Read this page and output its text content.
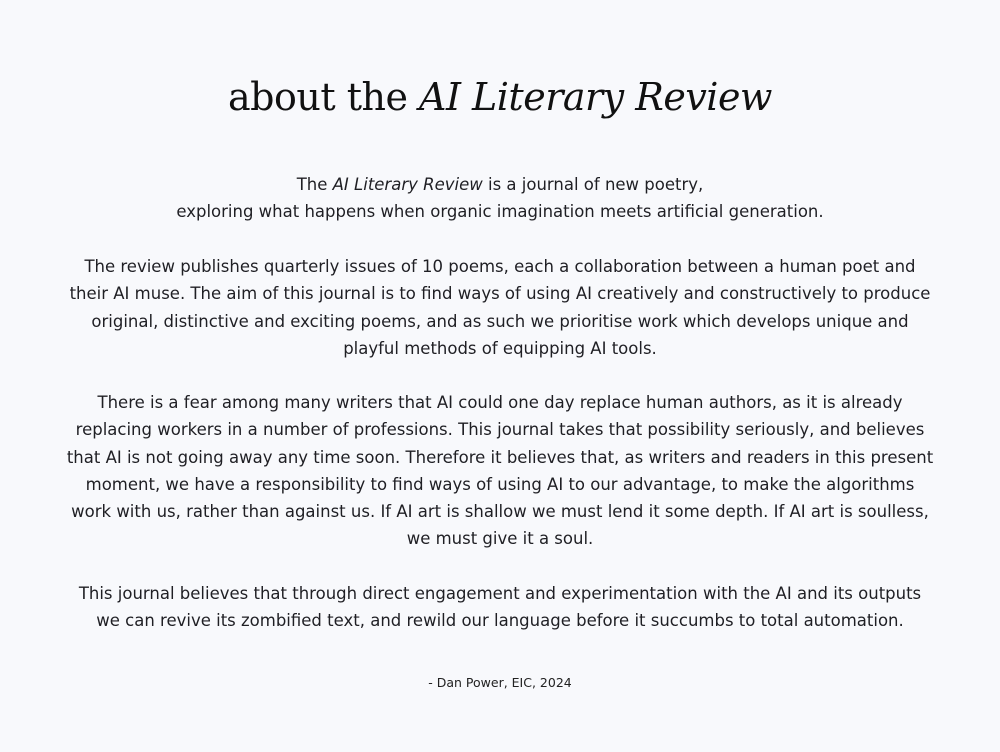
about the AI Literary Review
The AI Literary Review is a journal of new poetry,
exploring what happens when organic imagination meets artificial generation.
The review publishes quarterly issues of 10 poems, each a collaboration between a human poet and
their AI muse. The aim of this journal is to find ways of using AI creatively and constructively to produce
original, distinctive and exciting poems, and as such we prioritise work which develops unique and
playful methods of equipping AI tools.
There is a fear among many writers that AI could one day replace human authors, as it is already
replacing workers in a number of professions. This journal takes that possibility seriously, and believes
that AI is not going away any time soon. Therefore it believes that, as writers and readers in this present
moment, we have a responsibility to find ways of using AI to our advantage, to make the algorithms
work with us, rather than against us. If AI art is shallow we must lend it some depth. If AI art is soulless,
we must give it a soul.
This journal believes that through direct engagement and experimentation with the AI and its outputs
we can revive its zombified text, and rewild our language before it succumbs to total automation.
- Dan Power, EIC, 2024
